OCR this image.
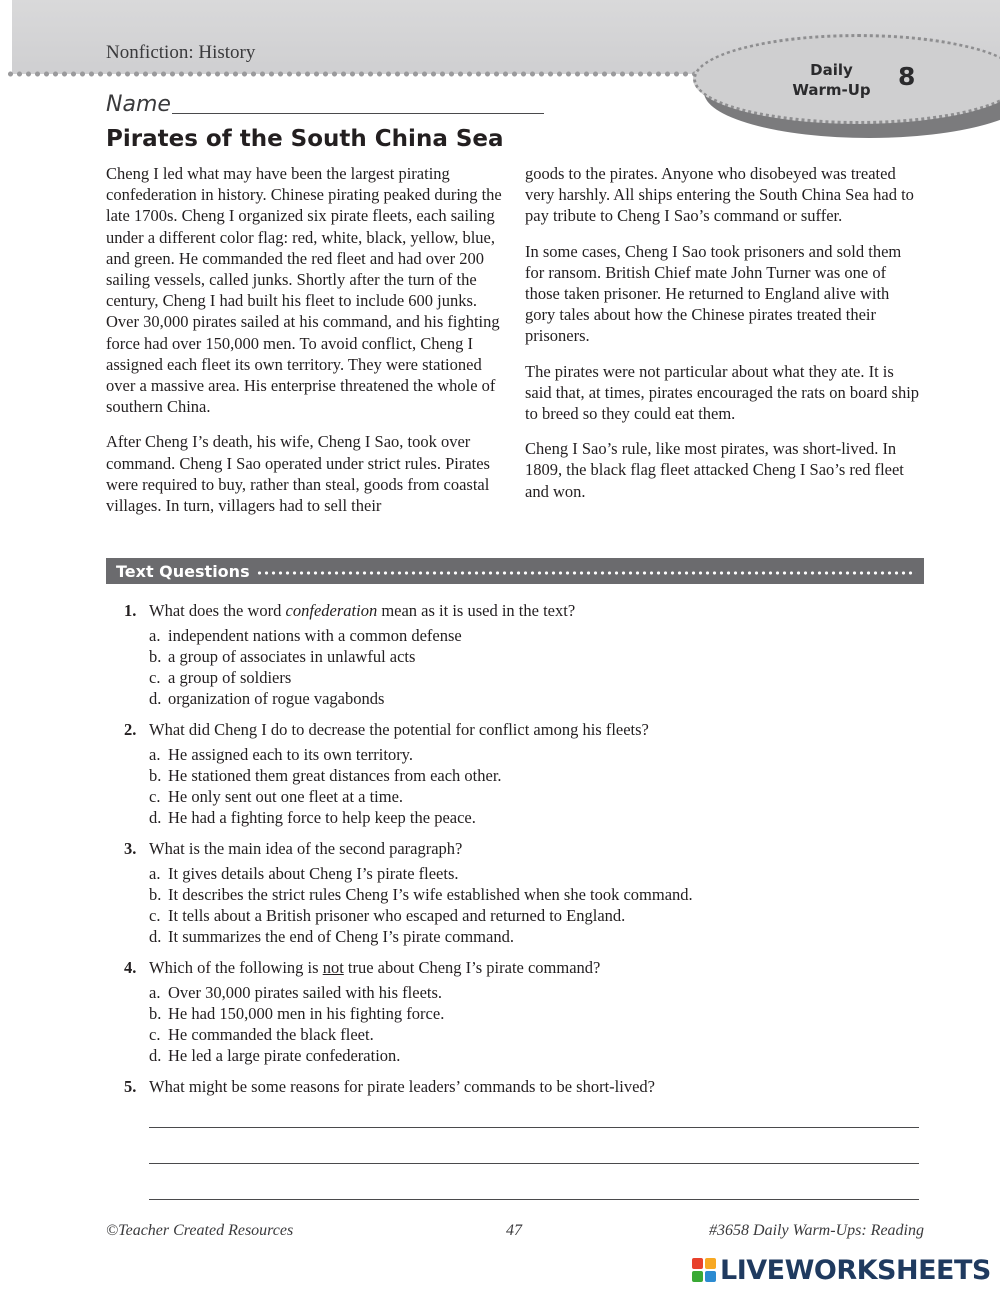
Nonfiction: History
Daily
Warm-Up	8
Name
Pirates of the South China Sea

Cheng I led what may have been the largest pirating confederation in history. Chinese pirating peaked during the late 1700s. Cheng I organized six pirate fleets, each sailing under a different color flag: red, white, black, yellow, blue, and green. He commanded the red fleet and had over 200 sailing vessels, called junks. Shortly after the turn of the century, Cheng I had built his fleet to include 600 junks. Over 30,000 pirates sailed at his command, and his fighting force had over 150,000 men. To avoid conflict, Cheng I assigned each fleet its own territory. They were stationed over a massive area. His enterprise threatened the whole of southern China.

After Cheng I’s death, his wife, Cheng I Sao, took over command. Cheng I Sao operated under strict rules. Pirates were required to buy, rather than steal, goods from coastal villages. In turn, villagers had to sell their

goods to the pirates. Anyone who disobeyed was treated very harshly. All ships entering the South China Sea had to pay tribute to Cheng I Sao’s command or suffer.

In some cases, Cheng I Sao took prisoners and sold them for ransom. British Chief mate John Turner was one of those taken prisoner. He returned to England alive with gory tales about how the Chinese pirates treated their prisoners.

The pirates were not particular about what they ate. It is said that, at times, pirates encouraged the rats on board ship to breed so they could eat them.

Cheng I Sao’s rule, like most pirates, was short-lived. In 1809, the black flag fleet attacked Cheng I Sao’s red fleet and won.

Text Questions
1. What does the word confederation mean as it is used in the text?
a. independent nations with a common defense
b. a group of associates in unlawful acts
c. a group of soldiers
d. organization of rogue vagabonds
2. What did Cheng I do to decrease the potential for conflict among his fleets?
a. He assigned each to its own territory.
b. He stationed them great distances from each other.
c. He only sent out one fleet at a time.
d. He had a fighting force to help keep the peace.
3. What is the main idea of the second paragraph?
a. It gives details about Cheng I’s pirate fleets.
b. It describes the strict rules Cheng I’s wife established when she took command.
c. It tells about a British prisoner who escaped and returned to England.
d. It summarizes the end of Cheng I’s pirate command.
4. Which of the following is not true about Cheng I’s pirate command?
a. Over 30,000 pirates sailed with his fleets.
b. He had 150,000 men in his fighting force.
c. He commanded the black fleet.
d. He led a large pirate confederation.
5. What might be some reasons for pirate leaders’ commands to be short-lived?
©Teacher Created Resources	47	#3658 Daily Warm-Ups: Reading
LIVEWORKSHEETS
